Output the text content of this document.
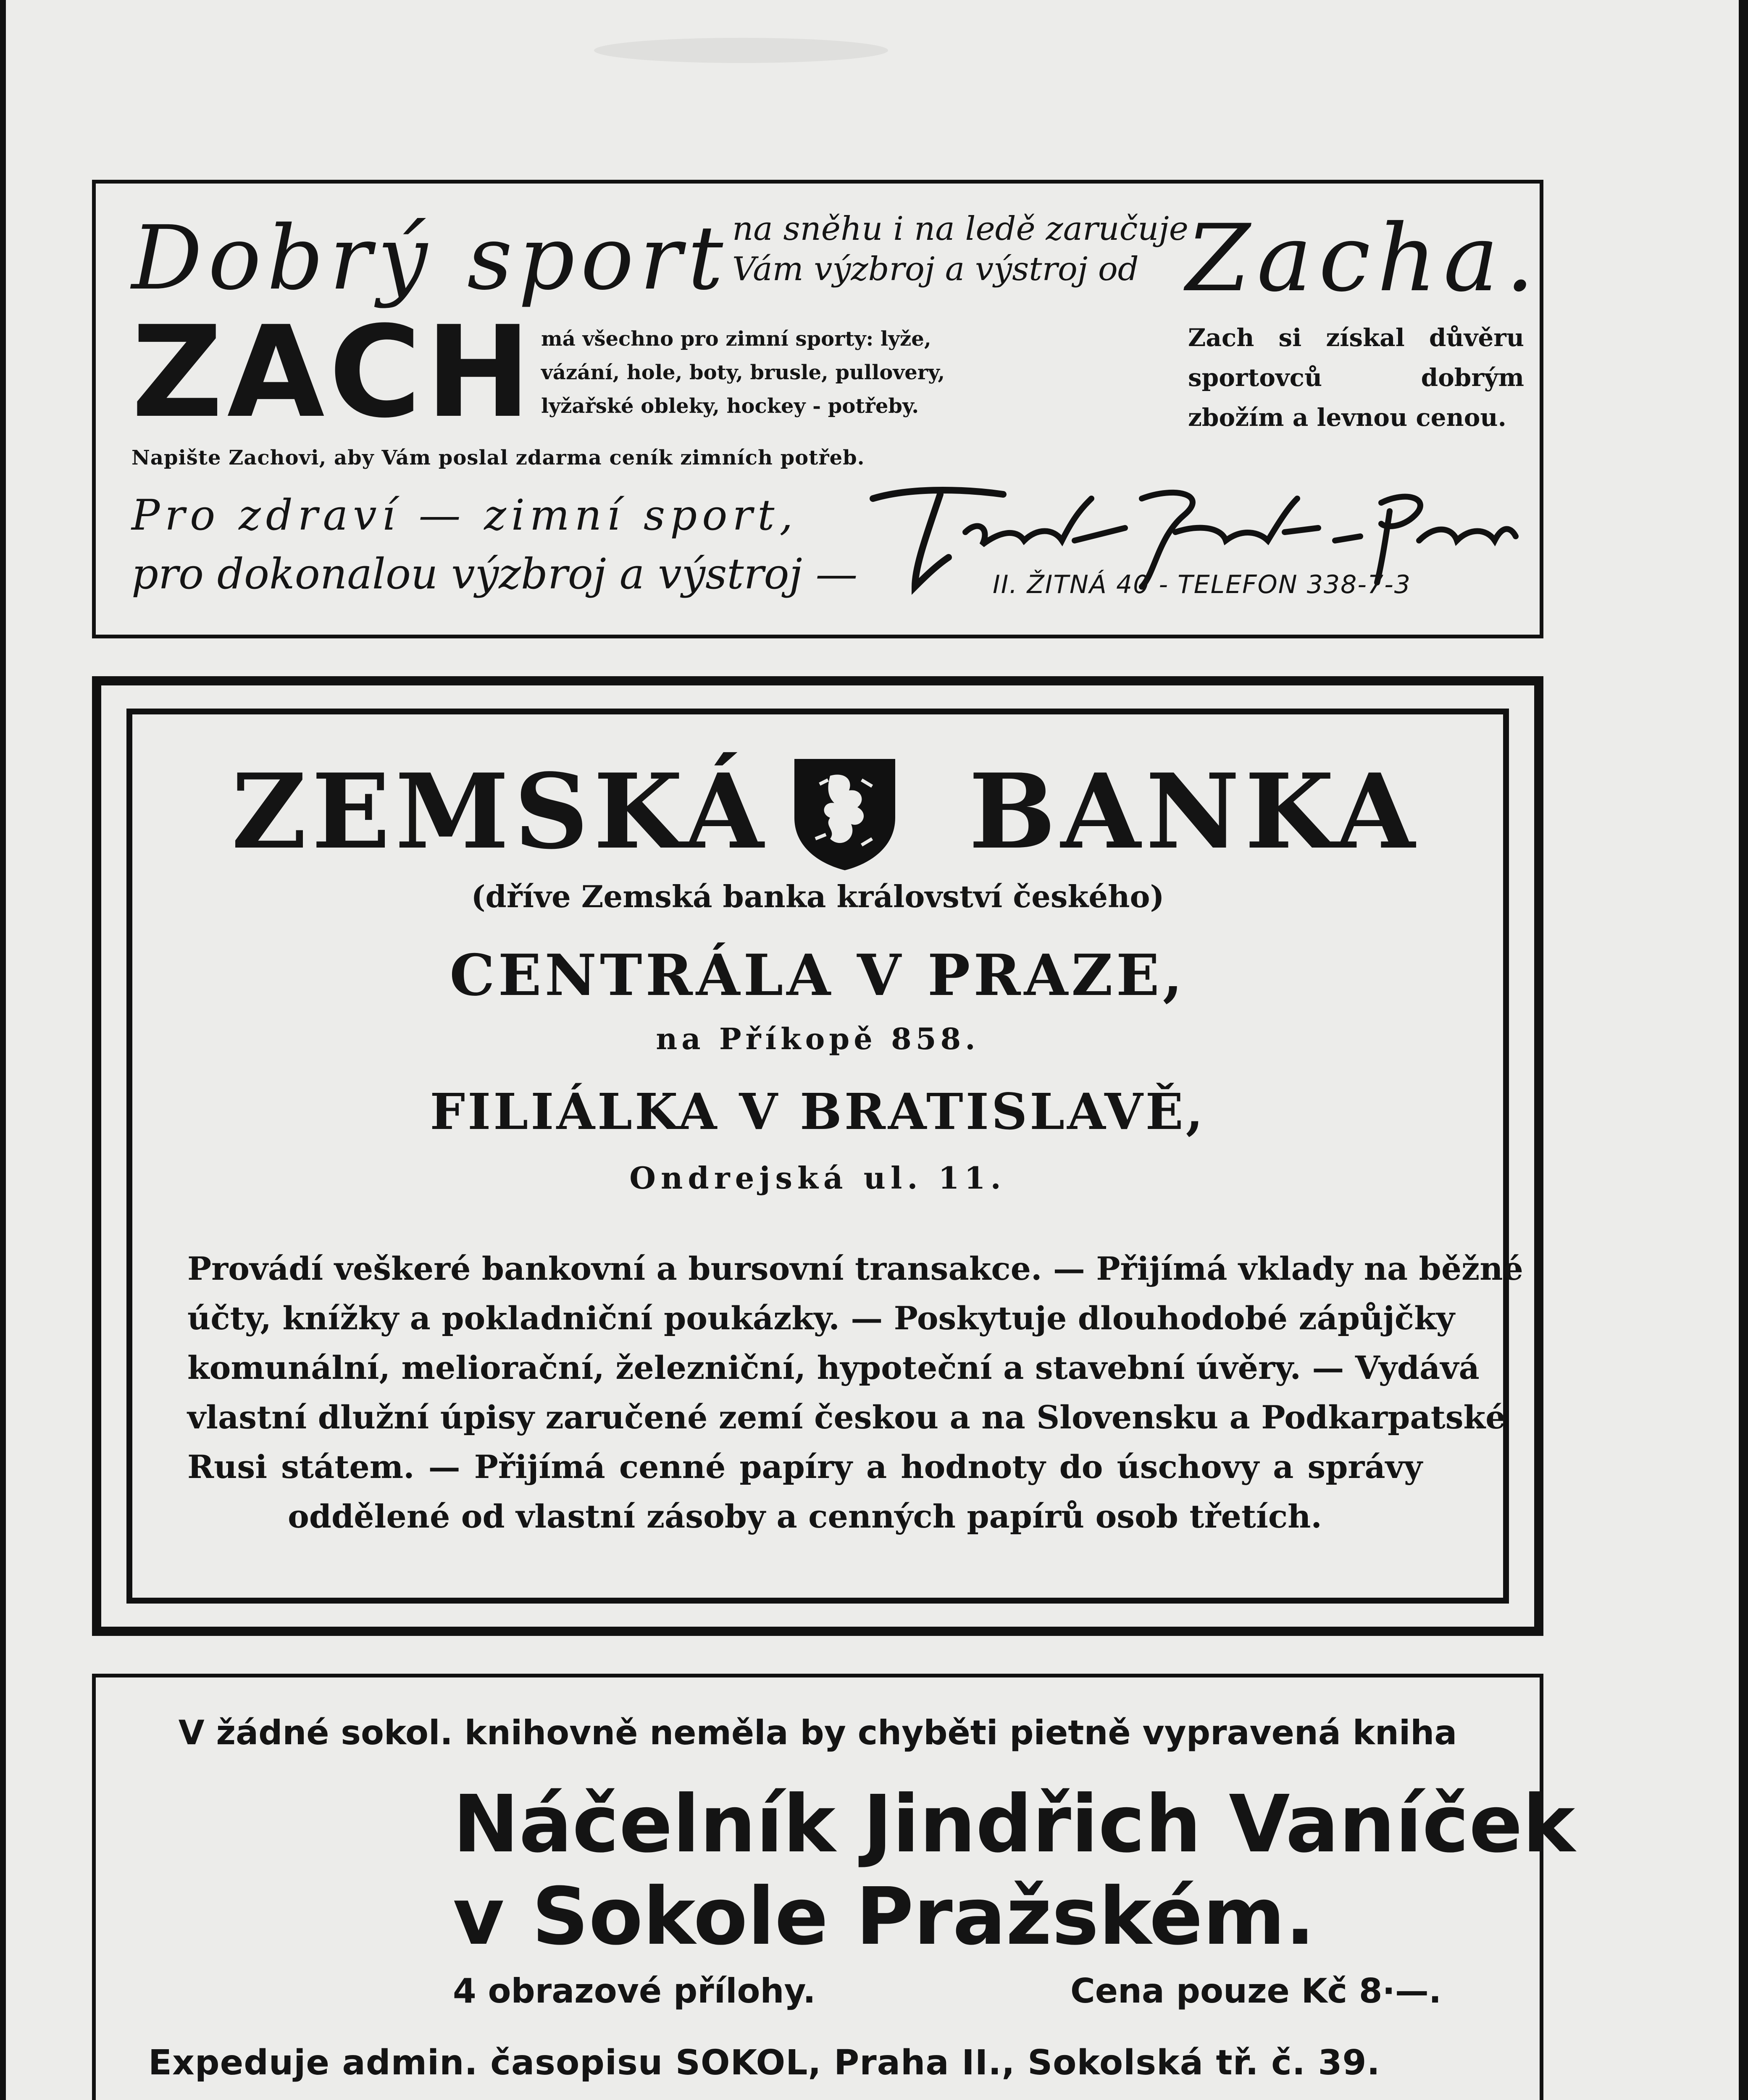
Dobrý sport na sněhu i na ledě zaručuje
Vám výzbroj a výstroj od Zacha.
ZACH má všechno pro zimní sporty: lyže,
vázání, hole, boty, brusle, pullovery,
lyžařské obleky, hockey - potřeby.
Zach si získal důvěru sportovců dobrým zbožím a levnou cenou.
Napište Zachovi, aby Vám poslal zdarma ceník zimních potřeb.
Pro zdraví — zimní sport,
pro dokonalou výzbroj a výstroj —	II. ŽITNÁ 40 - TELEFON 338-7-3
ZEMSKÁ BANKA
(dříve Zemská banka království českého)
CENTRÁLA V PRAZE,
na Příkopě 858.
FILIÁLKA V BRATISLAVĚ,
Ondrejská ul. 11.
Provádí veškeré bankovní a bursovní transakce. — Přijímá vklady na běžné
účty, knížky a pokladniční poukázky. — Poskytuje dlouhodobé zápůjčky
komunální, meliorační, železniční, hypoteční a stavební úvěry. — Vydává
vlastní dlužní úpisy zaručené zemí českou a na Slovensku a Podkarpatské
Rusi státem. — Přijímá cenné papíry a hodnoty do úschovy a správy
oddělené od vlastní zásoby a cenných papírů osob třetích.
V žádné sokol. knihovně neměla by chyběti pietně vypravená kniha
Náčelník Jindřich Vaníček
v Sokole Pražském.
4 obrazové přílohy.	Cena pouze Kč 8·—.
Expeduje admin. časopisu SOKOL, Praha II., Sokolská tř. č. 39.
